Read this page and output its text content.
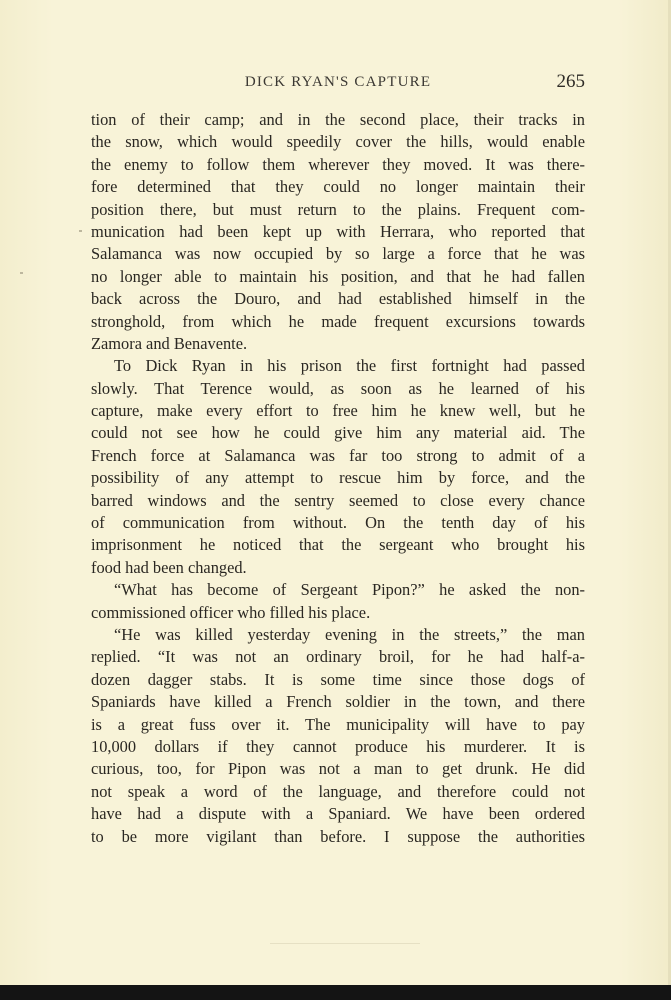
DICK RYAN'S CAPTURE	265
tion of their camp; and in the second place, their tracks in
the snow, which would speedily cover the hills, would enable
the enemy to follow them wherever they moved. It was there-
fore determined that they could no longer maintain their
position there, but must return to the plains. Frequent com-
munication had been kept up with Herrara, who reported that
Salamanca was now occupied by so large a force that he was
no longer able to maintain his position, and that he had fallen
back across the Douro, and had established himself in the
stronghold, from which he made frequent excursions towards
Zamora and Benavente.
To Dick Ryan in his prison the first fortnight had passed
slowly. That Terence would, as soon as he learned of his
capture, make every effort to free him he knew well, but he
could not see how he could give him any material aid. The
French force at Salamanca was far too strong to admit of a
possibility of any attempt to rescue him by force, and the
barred windows and the sentry seemed to close every chance
of communication from without. On the tenth day of his
imprisonment he noticed that the sergeant who brought his
food had been changed.
“What has become of Sergeant Pipon?” he asked the non-
commissioned officer who filled his place.
“He was killed yesterday evening in the streets,” the man
replied. “It was not an ordinary broil, for he had half-a-
dozen dagger stabs. It is some time since those dogs of
Spaniards have killed a French soldier in the town, and there
is a great fuss over it. The municipality will have to pay
10,000 dollars if they cannot produce his murderer. It is
curious, too, for Pipon was not a man to get drunk. He did
not speak a word of the language, and therefore could not
have had a dispute with a Spaniard. We have been ordered
to be more vigilant than before. I suppose the authorities
